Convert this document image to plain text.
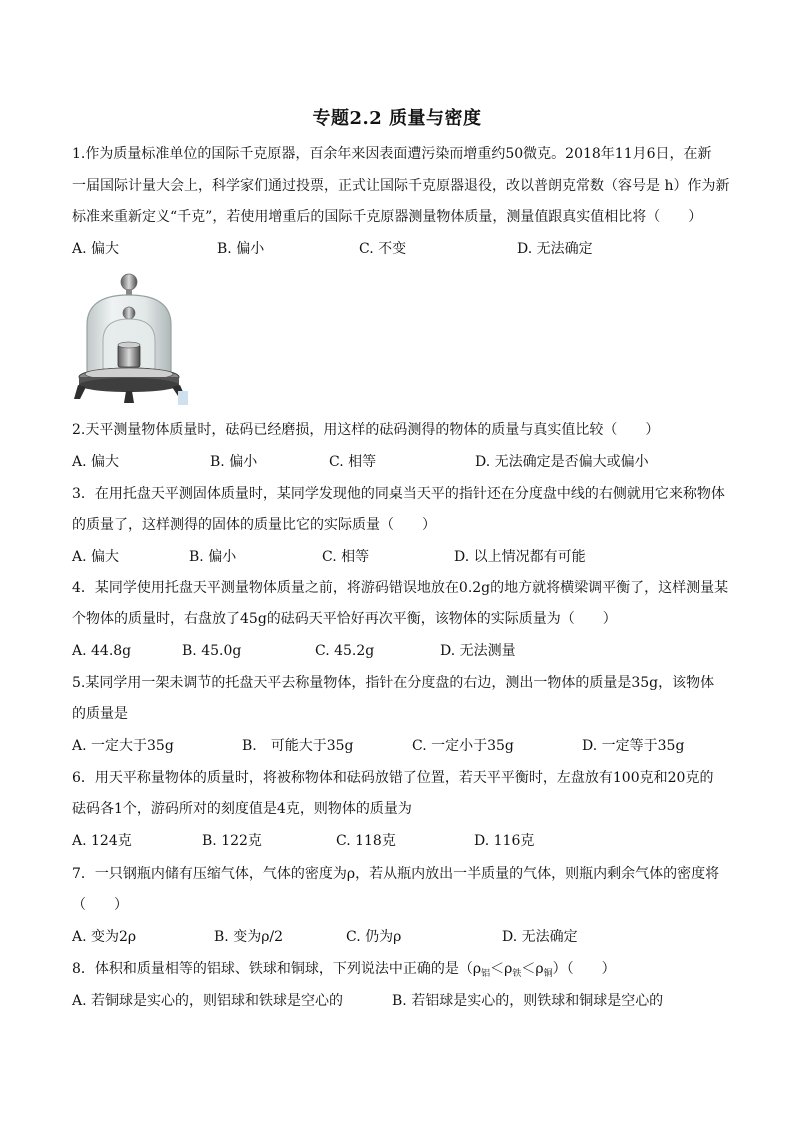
专题2.2 质量与密度
1.作为质量标准单位的国际千克原器，百余年来因表面遭污染而增重约50微克。2018年11月6日，在新
一届国际计量大会上，科学家们通过投票，正式让国际千克原器退役，改以普朗克常数（容号是 h）作为新
标准来重新定义“千克”，若使用增重后的国际千克原器测量物体质量，测量值跟真实值相比将（　　）
A. 偏大	B. 偏小	C. 不变	D. 无法确定
2.天平测量物体质量时，砝码已经磨损，用这样的砝码测得的物体的质量与真实值比较（　　）
A. 偏大	B. 偏小	C. 相等	D. 无法确定是否偏大或偏小
3．在用托盘天平测固体质量时，某同学发现他的同桌当天平的指针还在分度盘中线的右侧就用它来称物体
的质量了，这样测得的固体的质量比它的实际质量（　　）
A. 偏大	B. 偏小	C. 相等	D. 以上情况都有可能
4．某同学使用托盘天平测量物体质量之前，将游码错误地放在0.2g的地方就将横梁调平衡了，这样测量某
个物体的质量时，右盘放了45g的砝码天平恰好再次平衡，该物体的实际质量为（　　）
A. 44.8g	B. 45.0g	C. 45.2g	D. 无法测量
5.某同学用一架未调节的托盘天平去称量物体，指针在分度盘的右边，测出一物体的质量是35g，该物体
的质量是
A. 一定大于35g	B.　可能大于35g	C. 一定小于35g	D. 一定等于35g
6．用天平称量物体的质量时，将被称物体和砝码放错了位置，若天平平衡时，左盘放有100克和20克的
砝码各1个，游码所对的刻度值是4克，则物体的质量为
A. 124克	B. 122克	C. 118克	D. 116克
7．一只钢瓶内储有压缩气体，气体的密度为ρ，若从瓶内放出一半质量的气体，则瓶内剩余气体的密度将
（　　）
A. 变为2ρ	B. 变为ρ/2	C. 仍为ρ	D. 无法确定
8．体积和质量相等的铝球、铁球和铜球，下列说法中正确的是$(\rho_铝<\rho_铁<\rho_铜)$（　　）
A. 若铜球是实心的，则铝球和铁球是空心的	B. 若铝球是实心的，则铁球和铜球是空心的
